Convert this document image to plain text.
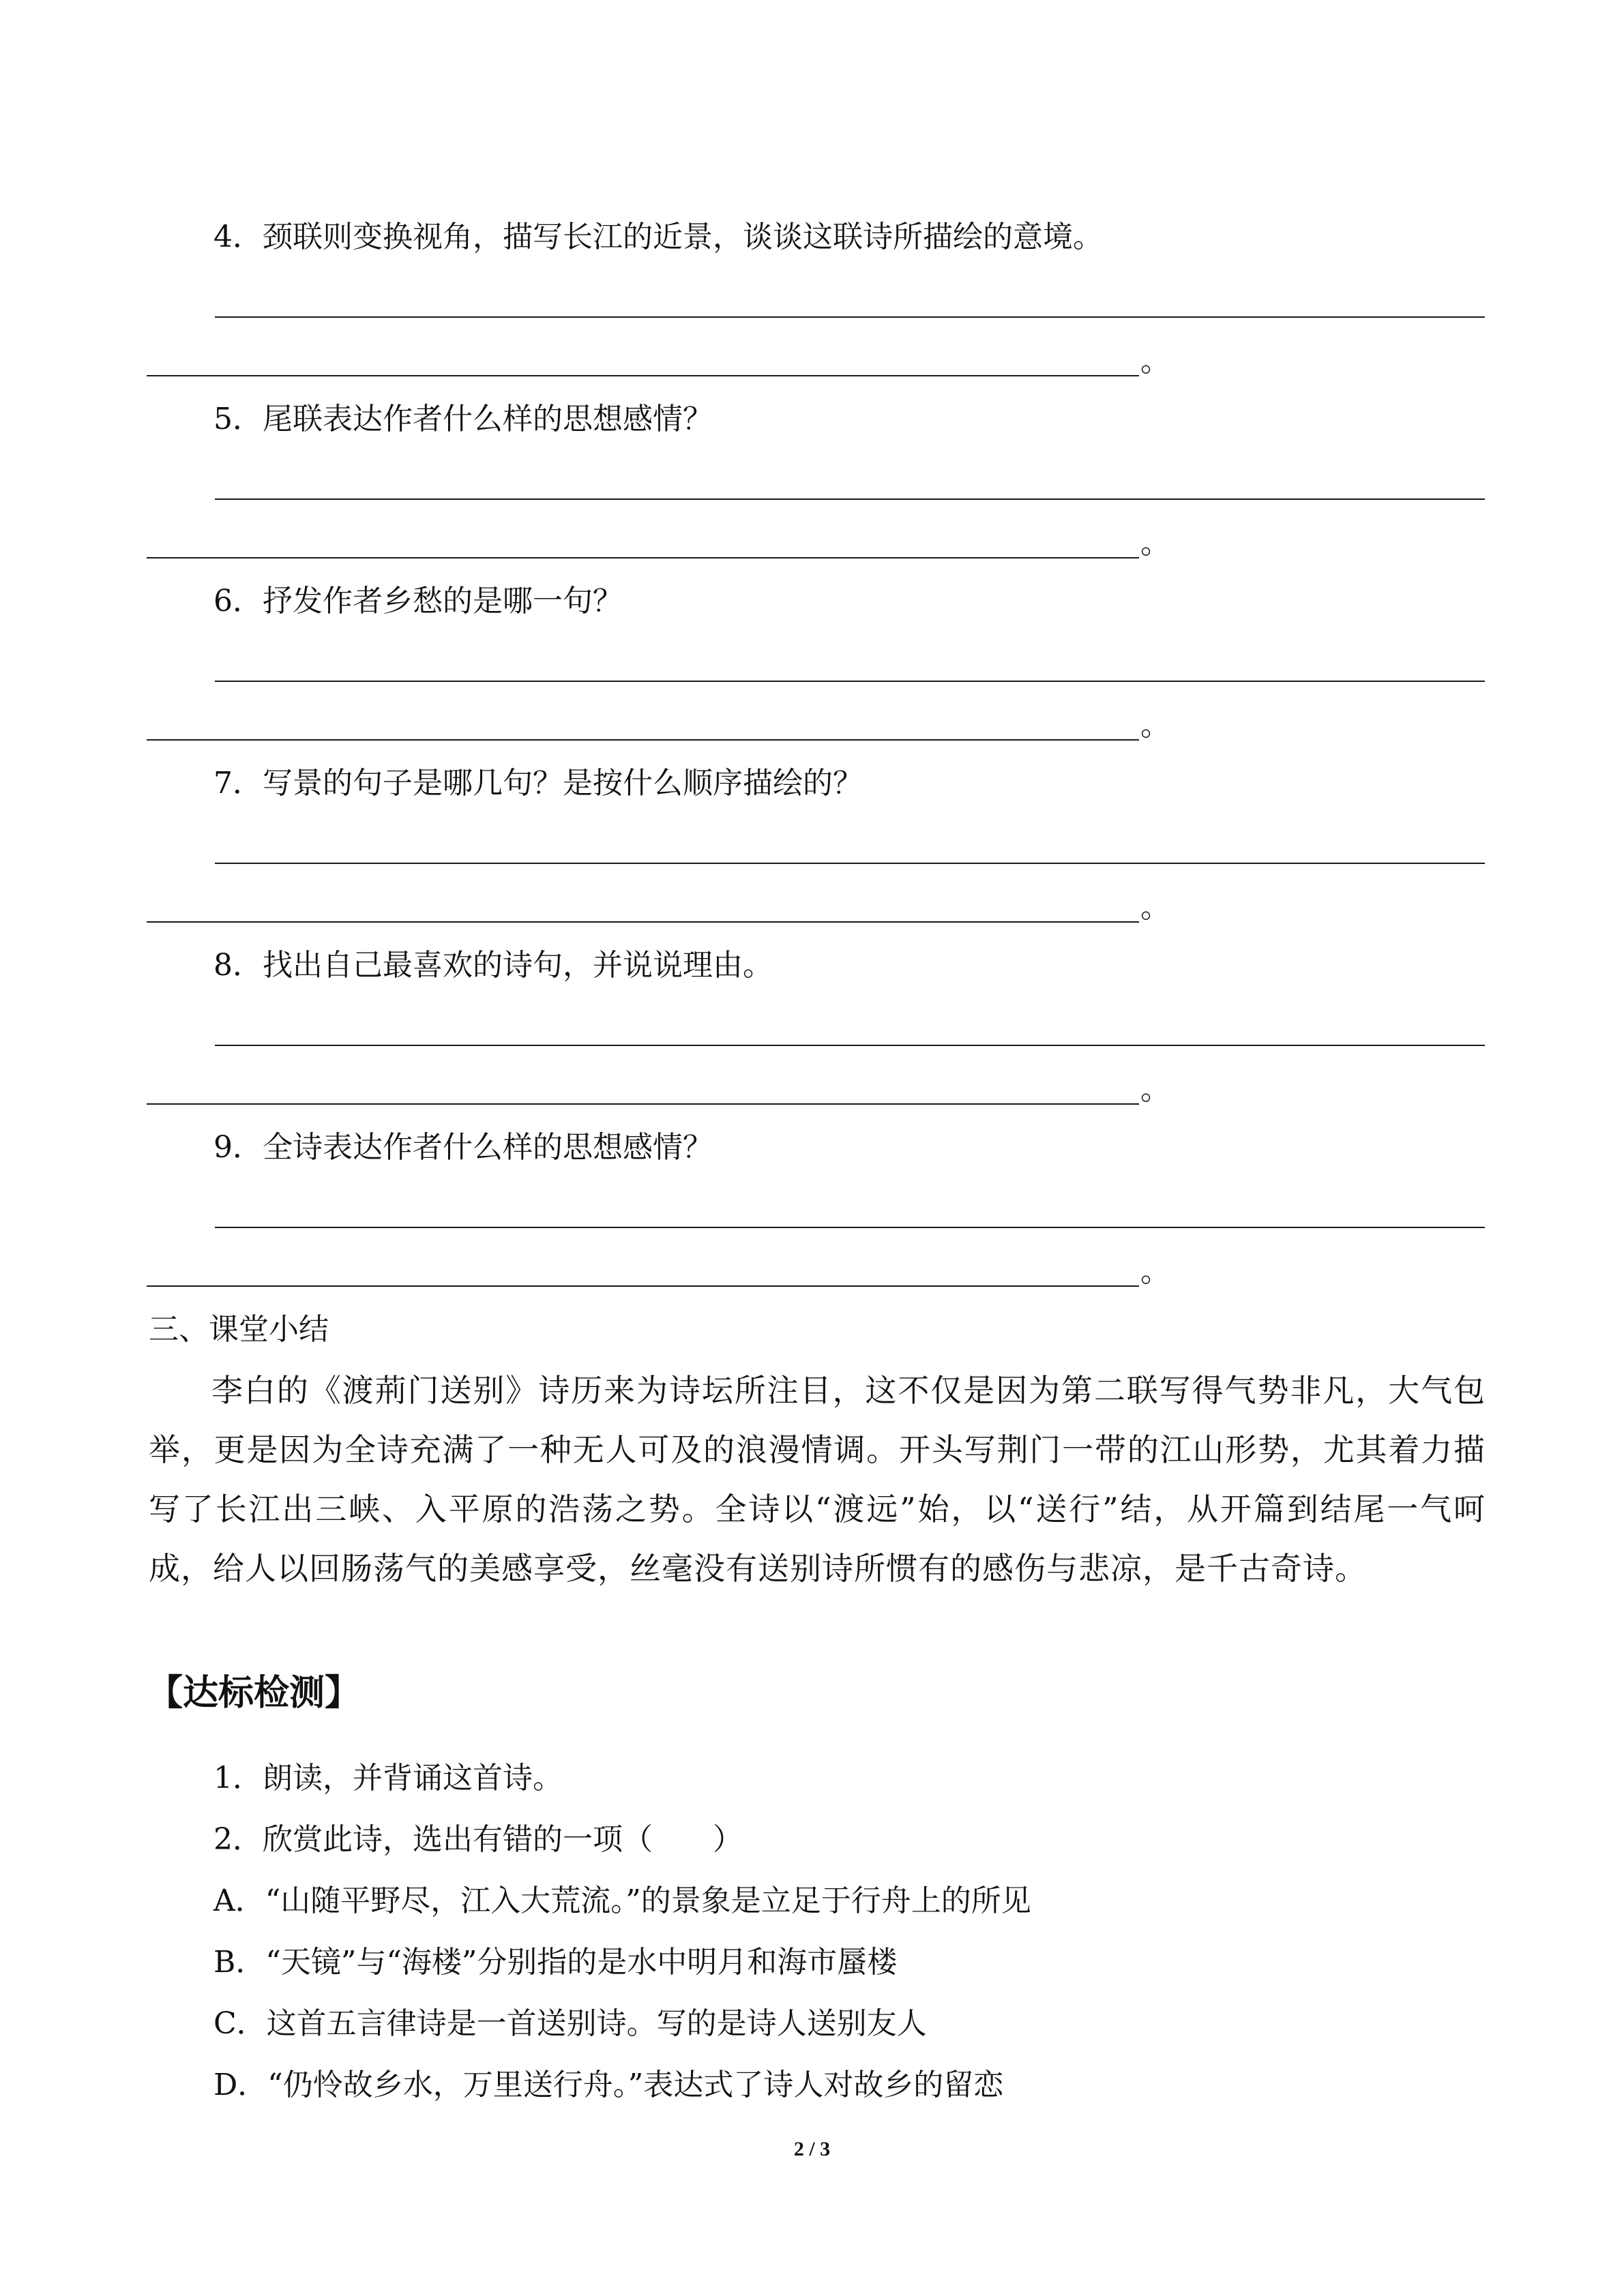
4．颈联则变换视角，描写长江的近景，谈谈这联诗所描绘的意境。
。
5．尾联表达作者什么样的思想感情？
。
6．抒发作者乡愁的是哪一句？
。
7．写景的句子是哪几句？是按什么顺序描绘的？
。
8．找出自己最喜欢的诗句，并说说理由。
。
9．全诗表达作者什么样的思想感情？
。
三、课堂小结
李白的《渡荊门送别》诗历来为诗坛所注目，这不仅是因为第二联写得气势非凡，大气包举，更是因为全诗充满了一种无人可及的浪漫情调。开头写荆门一带的江山形势，尤其着力描写了长江出三峡、入平原的浩荡之势。全诗以“渡远”始，以“送行”结，从开篇到结尾一气呵成，给人以回肠荡气的美感享受，丝毫没有送别诗所惯有的感伤与悲凉，是千古奇诗。
【达标检测】
1．朗读，并背诵这首诗。
2．欣赏此诗，选出有错的一项（　　）
A．“山随平野尽，江入大荒流。”的景象是立足于行舟上的所见
B．“天镜”与“海楼”分别指的是水中明月和海市蜃楼
C．这首五言律诗是一首送别诗。写的是诗人送别友人
D．“仍怜故乡水，万里送行舟。”表达式了诗人对故乡的留恋
2 / 3
